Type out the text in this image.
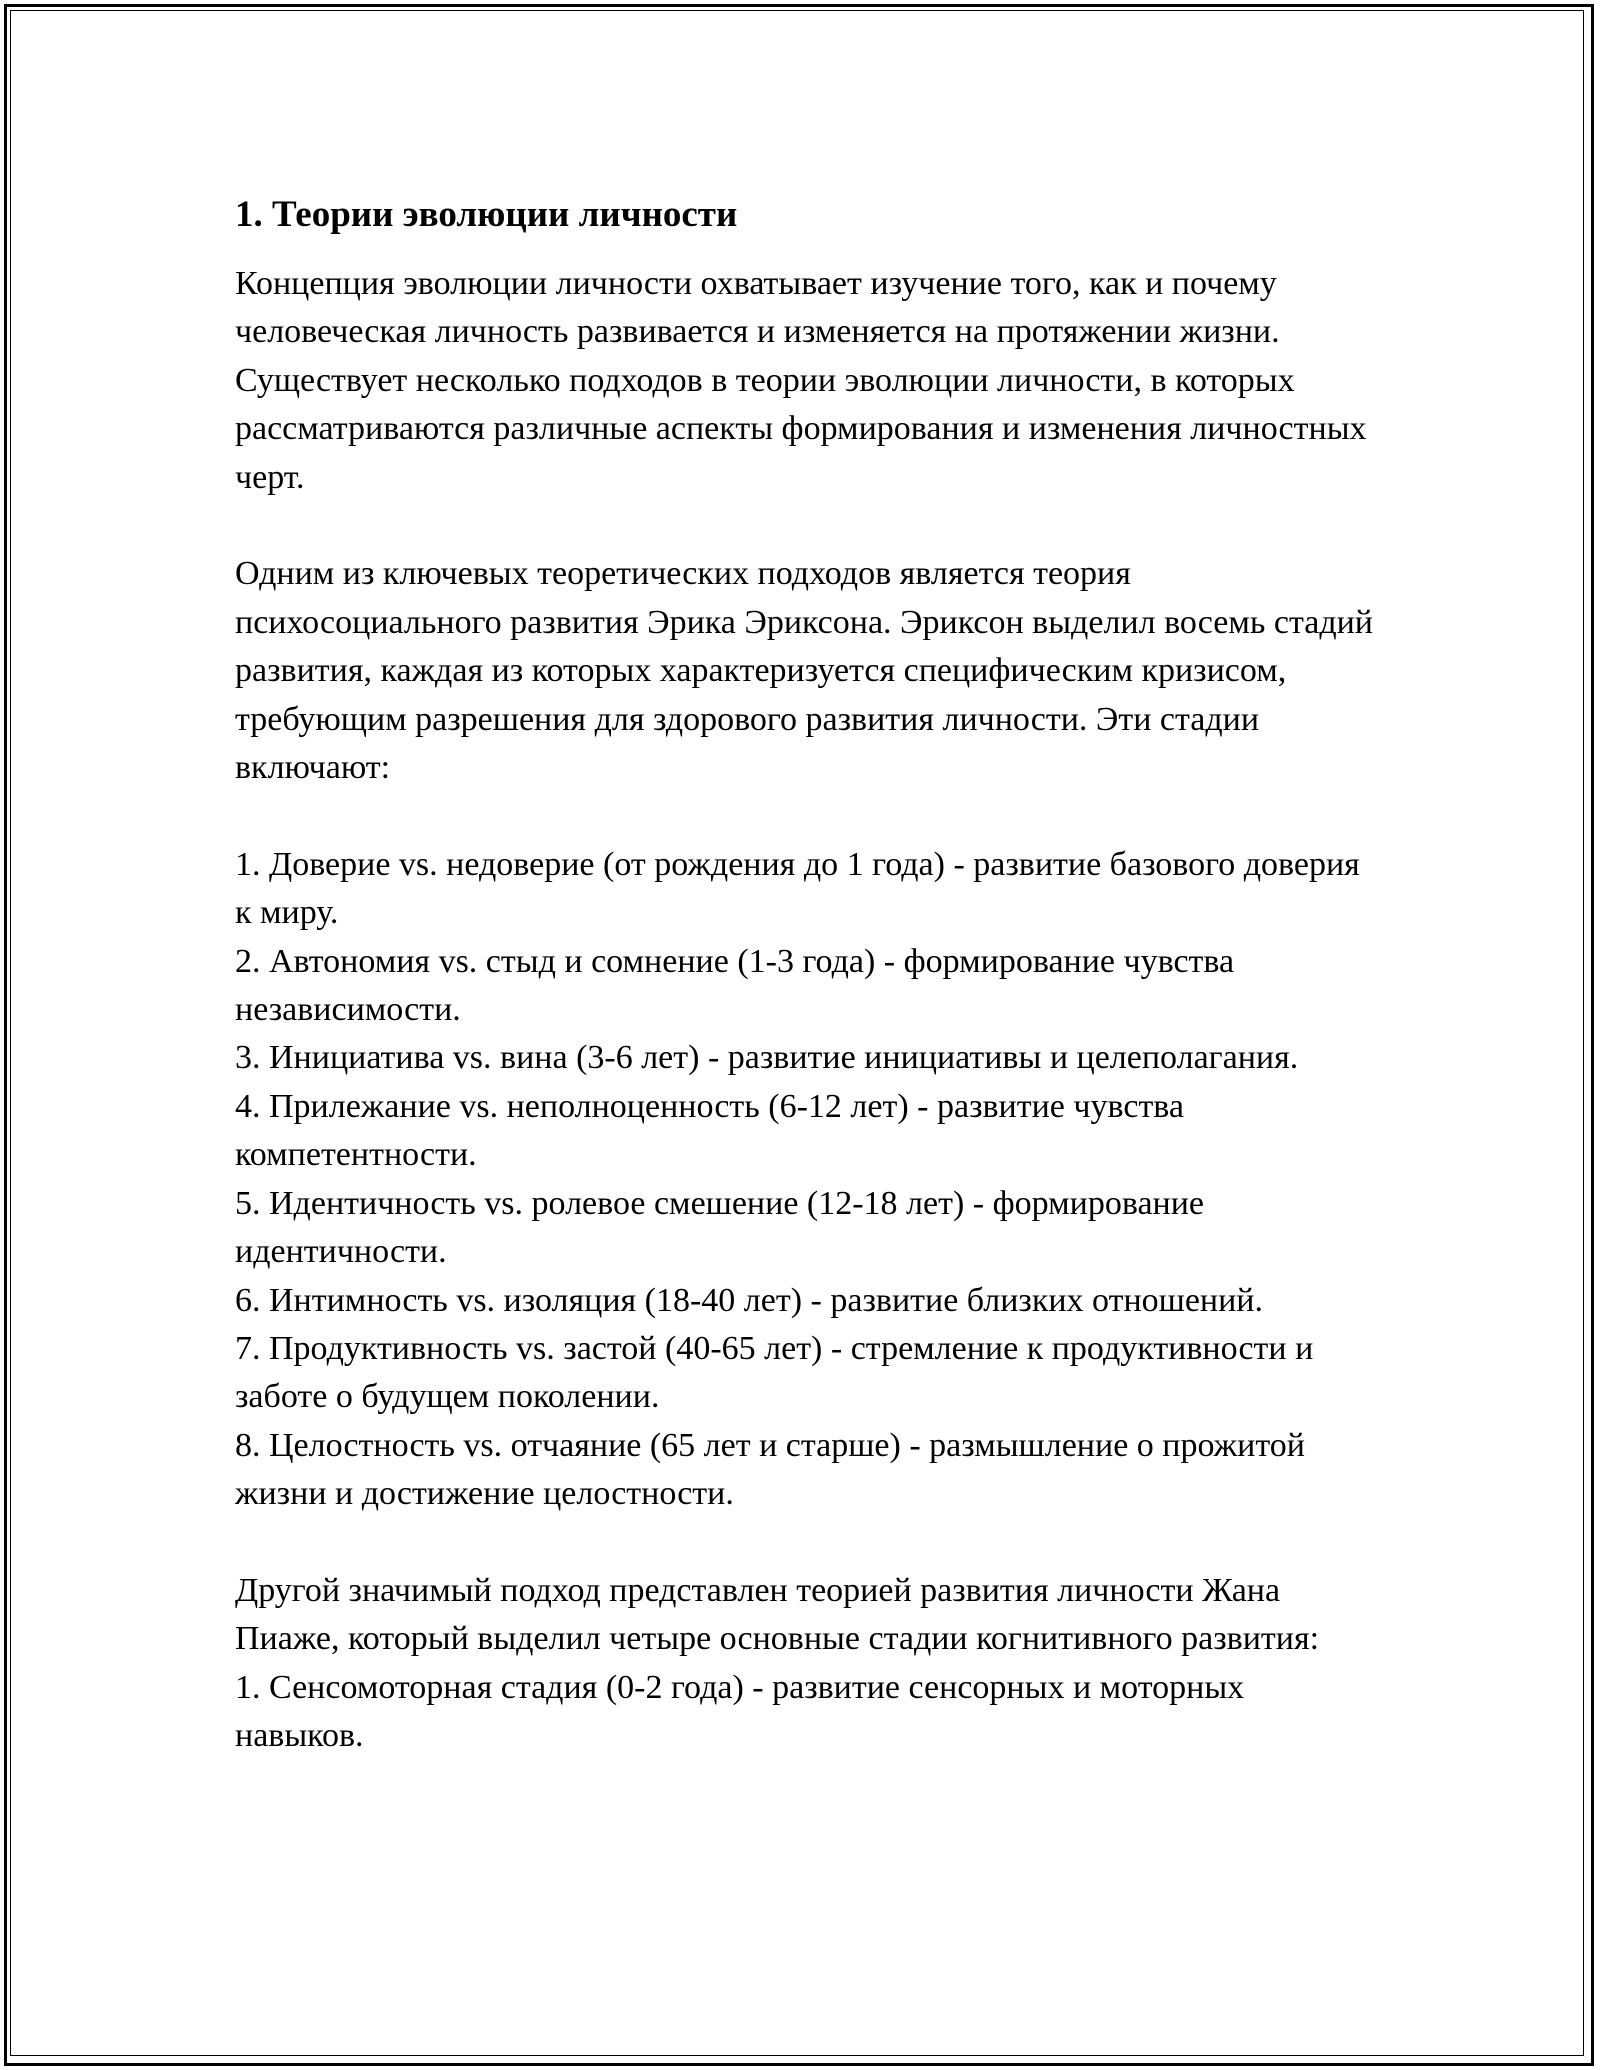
1. Теории эволюции личности

Концепция эволюции личности охватывает изучение того, как и почему человеческая личность развивается и изменяется на протяжении жизни. Существует несколько подходов в теории эволюции личности, в которых рассматриваются различные аспекты формирования и изменения личностных черт.

Одним из ключевых теоретических подходов является теория психосоциального развития Эрика Эриксона. Эриксон выделил восемь стадий развития, каждая из которых характеризуется специфическим кризисом, требующим разрешения для здорового развития личности. Эти стадии включают:

1. Доверие vs. недоверие (от рождения до 1 года) - развитие базового доверия к миру.

2. Автономия vs. стыд и сомнение (1-3 года) - формирование чувства независимости.

3. Инициатива vs. вина (3-6 лет) - развитие инициативы и целеполагания.

4. Прилежание vs. неполноценность (6-12 лет) - развитие чувства компетентности.

5. Идентичность vs. ролевое смешение (12-18 лет) - формирование идентичности.

6. Интимность vs. изоляция (18-40 лет) - развитие близких отношений.

7. Продуктивность vs. застой (40-65 лет) - стремление к продуктивности и заботе о будущем поколении.

8. Целостность vs. отчаяние (65 лет и старше) - размышление о прожитой жизни и достижение целостности.

Другой значимый подход представлен теорией развития личности Жана Пиаже, который выделил четыре основные стадии когнитивного развития:

1. Сенсомоторная стадия (0-2 года) - развитие сенсорных и моторных навыков.
